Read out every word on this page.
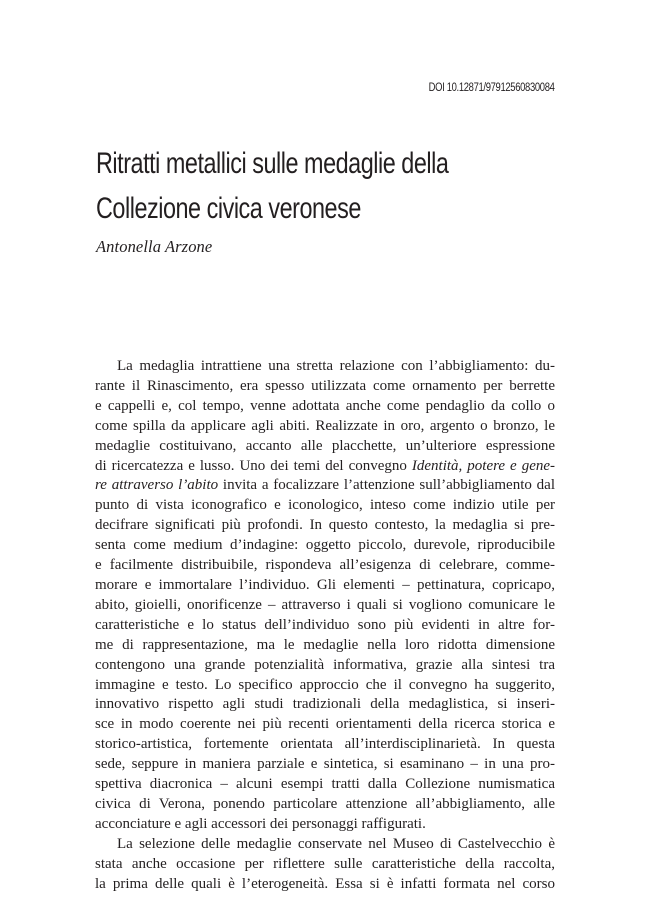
DOI 10.12871/97912560830084
Ritratti metallici sulle medaglie della
Collezione civica veronese
Antonella Arzone
La medaglia intrattiene una stretta relazione con l’abbigliamento: du-
rante il Rinascimento, era spesso utilizzata come ornamento per berrette
e cappelli e, col tempo, venne adottata anche come pendaglio da collo o
come spilla da applicare agli abiti. Realizzate in oro, argento o bronzo, le
medaglie costituivano, accanto alle placchette, un’ulteriore espressione
di ricercatezza e lusso. Uno dei temi del convegno Identità, potere e gene-
re attraverso l’abito invita a focalizzare l’attenzione sull’abbigliamento dal
punto di vista iconografico e iconologico, inteso come indizio utile per
decifrare significati più profondi. In questo contesto, la medaglia si pre-
senta come medium d’indagine: oggetto piccolo, durevole, riproducibile
e facilmente distribuibile, rispondeva all’esigenza di celebrare, comme-
morare e immortalare l’individuo. Gli elementi – pettinatura, copricapo,
abito, gioielli, onorificenze – attraverso i quali si vogliono comunicare le
caratteristiche e lo status dell’individuo sono più evidenti in altre for-
me di rappresentazione, ma le medaglie nella loro ridotta dimensione
contengono una grande potenzialità informativa, grazie alla sintesi tra
immagine e testo. Lo specifico approccio che il convegno ha suggerito,
innovativo rispetto agli studi tradizionali della medaglistica, si inseri-
sce in modo coerente nei più recenti orientamenti della ricerca storica e
storico-artistica, fortemente orientata all’interdisciplinarietà. In questa
sede, seppure in maniera parziale e sintetica, si esaminano – in una pro-
spettiva diacronica – alcuni esempi tratti dalla Collezione numismatica
civica di Verona, ponendo particolare attenzione all’abbigliamento, alle
acconciature e agli accessori dei personaggi raffigurati.
La selezione delle medaglie conservate nel Museo di Castelvecchio è
stata anche occasione per riflettere sulle caratteristiche della raccolta,
la prima delle quali è l’eterogeneità. Essa si è infatti formata nel corso
